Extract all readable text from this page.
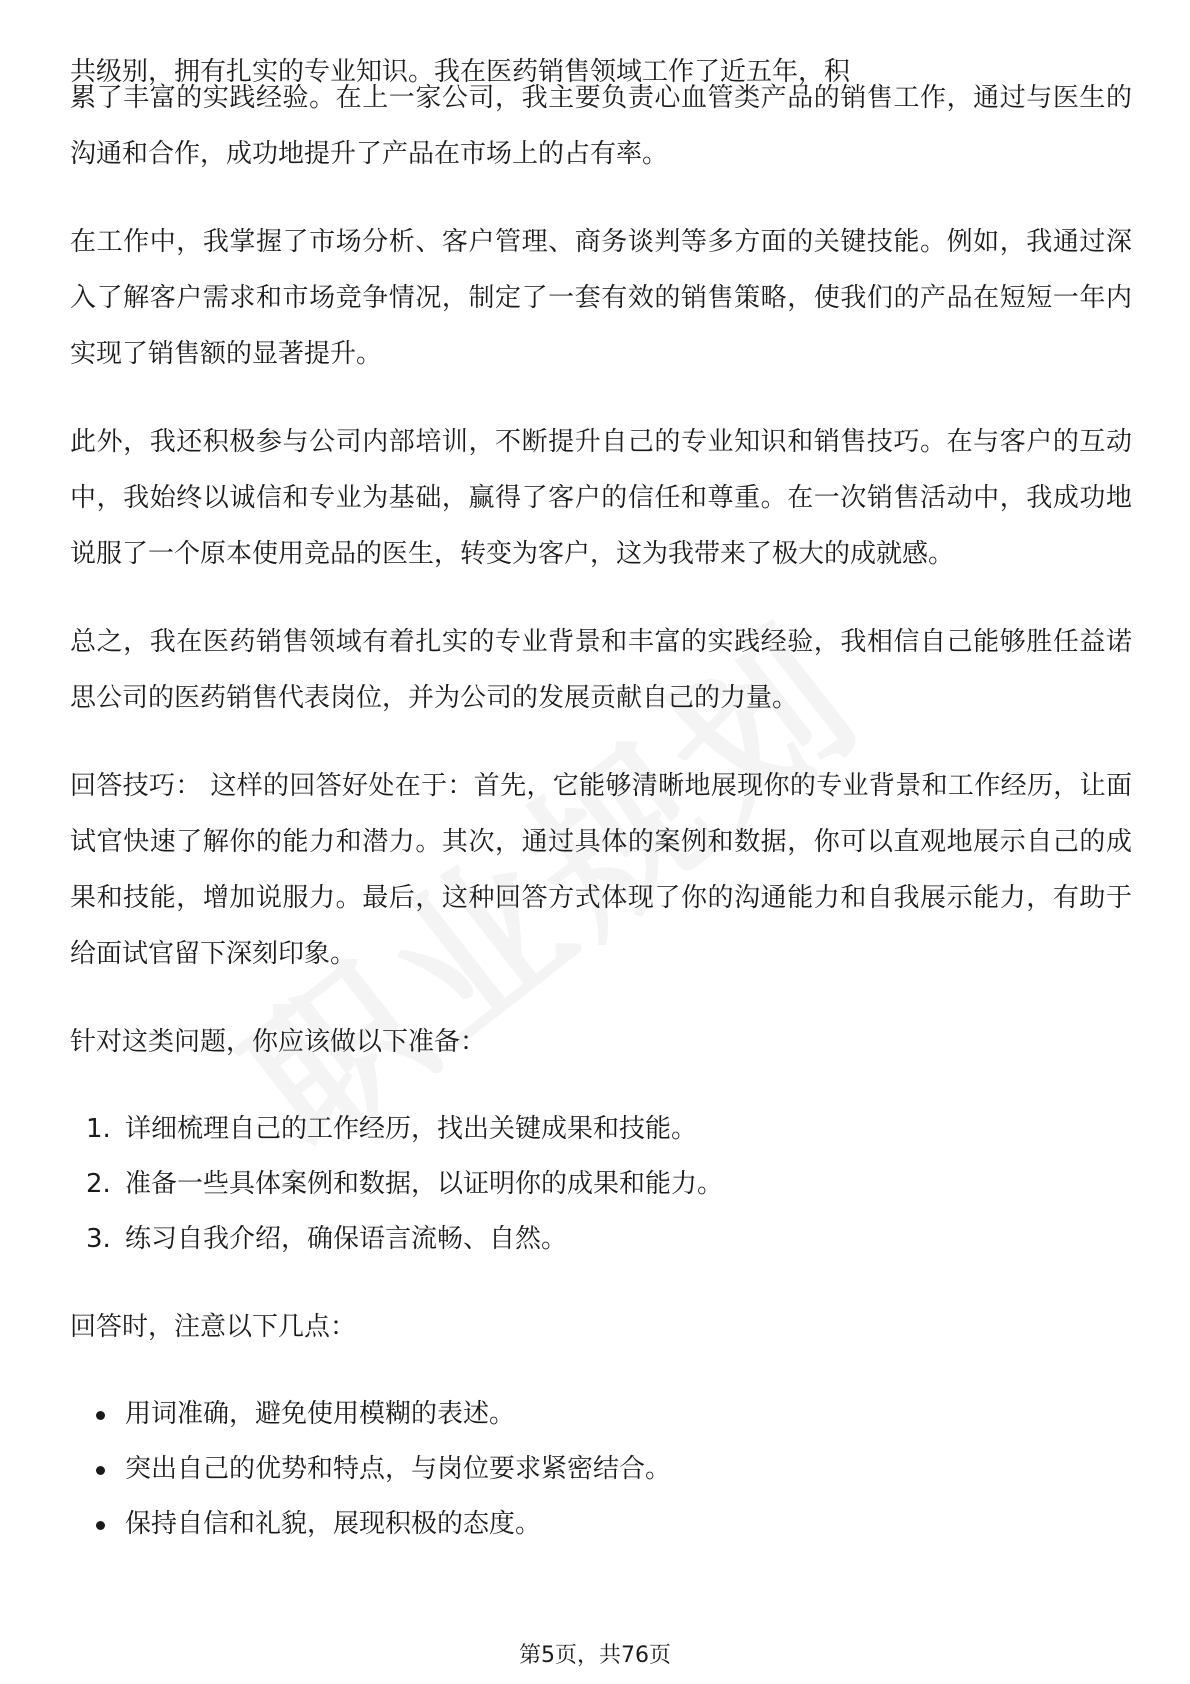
共级别，拥有扎实的专业知识。我在医药销售领域工作了近五年，积

累了丰富的实践经验。在上一家公司，我主要负责心血管类产品的销售工作，通过与医生的沟通和合作，成功地提升了产品在市场上的占有率。

在工作中，我掌握了市场分析、客户管理、商务谈判等多方面的关键技能。例如，我通过深入了解客户需求和市场竞争情况，制定了一套有效的销售策略，使我们的产品在短短一年内实现了销售额的显著提升。

此外，我还积极参与公司内部培训，不断提升自己的专业知识和销售技巧。在与客户的互动中，我始终以诚信和专业为基础，赢得了客户的信任和尊重。在一次销售活动中，我成功地说服了一个原本使用竞品的医生，转变为客户，这为我带来了极大的成就感。

总之，我在医药销售领域有着扎实的专业背景和丰富的实践经验，我相信自己能够胜任益诺思公司的医药销售代表岗位，并为公司的发展贡献自己的力量。

回答技巧： 这样的回答好处在于：首先，它能够清晰地展现你的专业背景和工作经历，让面试官快速了解你的能力和潜力。其次，通过具体的案例和数据，你可以直观地展示自己的成果和技能，增加说服力。最后，这种回答方式体现了你的沟通能力和自我展示能力，有助于给面试官留下深刻印象。

针对这类问题，你应该做以下准备：

1. 详细梳理自己的工作经历，找出关键成果和技能。
2. 准备一些具体案例和数据，以证明你的成果和能力。
3. 练习自我介绍，确保语言流畅、自然。

回答时，注意以下几点：

用词准确，避免使用模糊的表述。
突出自己的优势和特点，与岗位要求紧密结合。
保持自信和礼貌，展现积极的态度。
第5页，共76页
